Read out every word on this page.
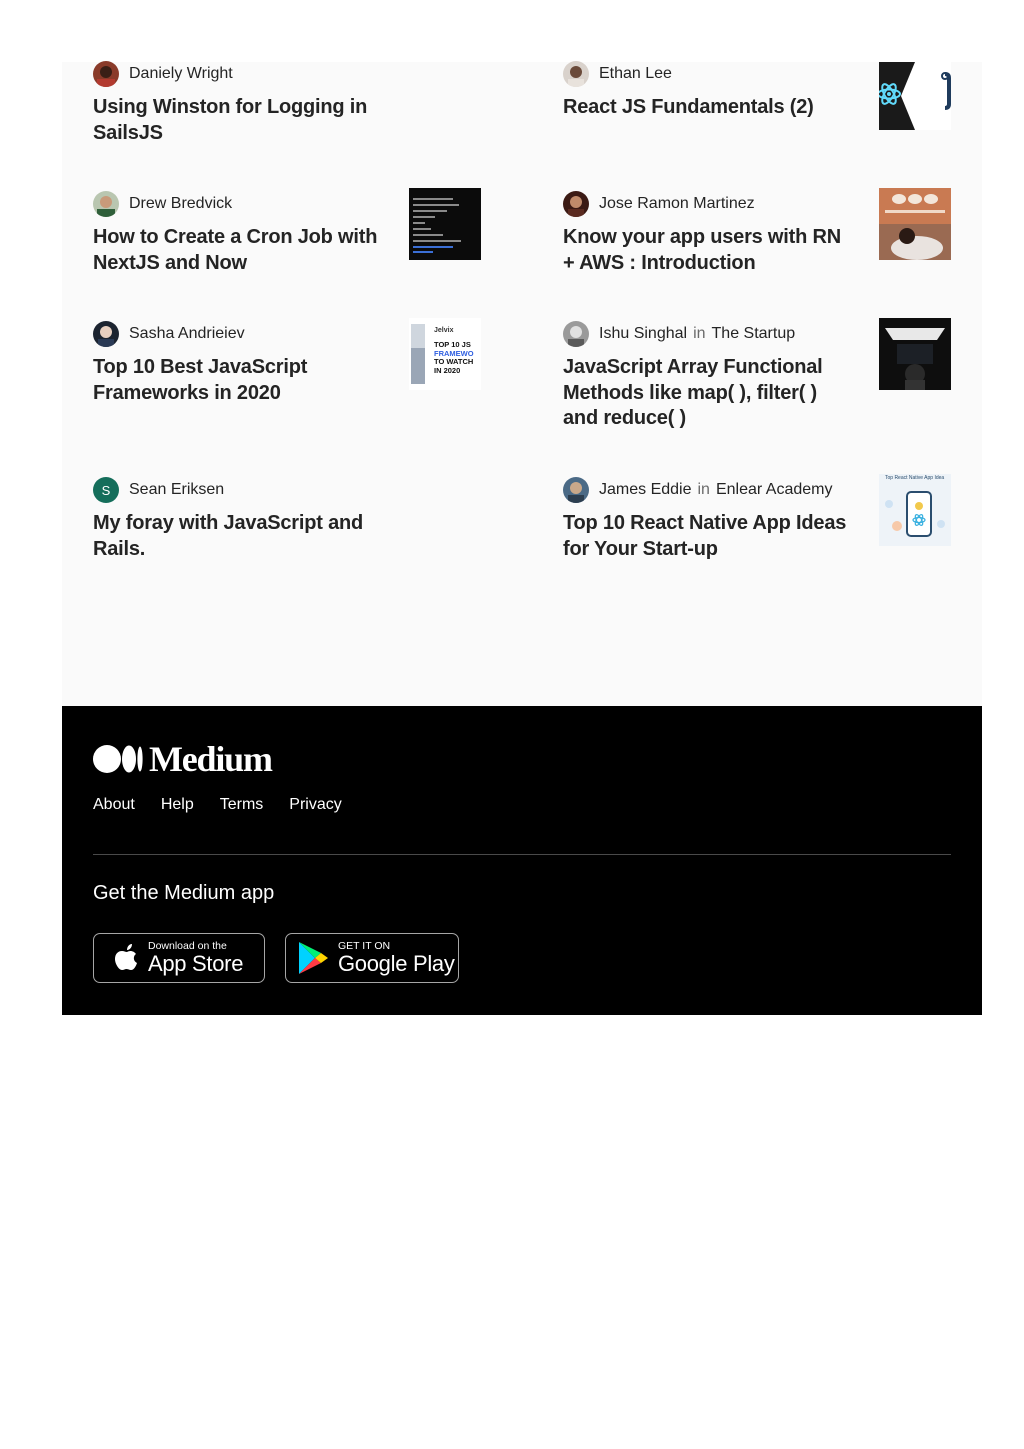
Daniely Wright
Using Winston for Logging in SailsJS
Ethan Lee
React JS Fundamentals (2)
Drew Bredvick
How to Create a Cron Job with NextJS and Now
Jose Ramon Martinez
Know your app users with RN + AWS : Introduction
Sasha Andrieiev
Top 10 Best JavaScript Frameworks in 2020
Jelvix
TOP 10 JS
FRAMEWO
TO WATCH
IN 2020
Ishu Singhal in The Startup
JavaScript Array Functional Methods like map( ), filter( ) and reduce( )
S	Sean Eriksen
My foray with JavaScript and Rails.
James Eddie in Enlear Academy
Top 10 React Native App Ideas for Your Start-up
Top React Native App Idea
Medium
About Help Terms Privacy
Get the Medium app
Download on the
App Store
GET IT ON
Google Play
